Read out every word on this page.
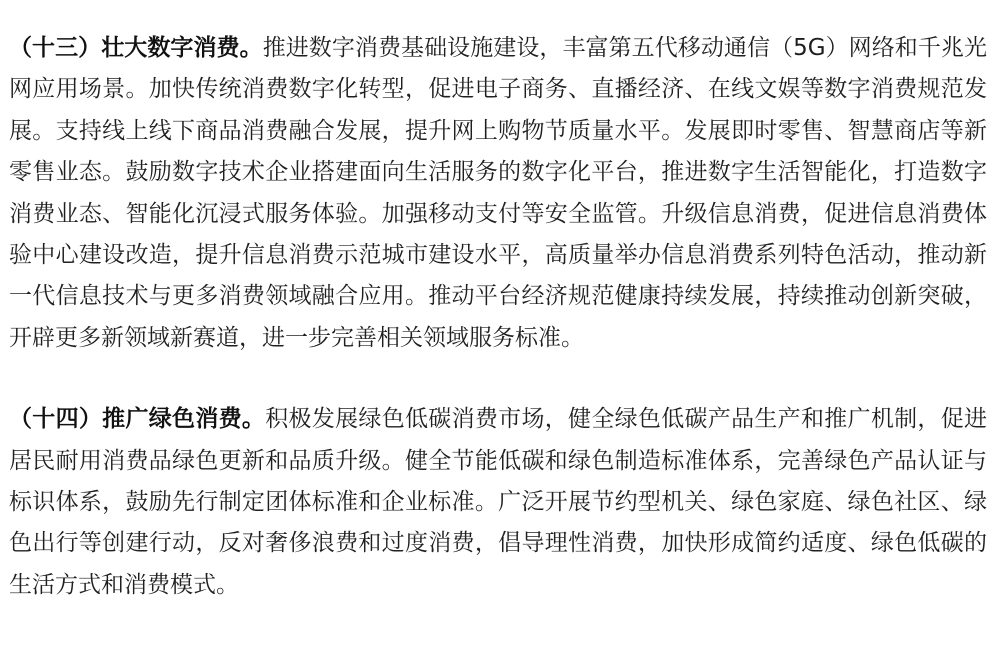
（十三）壮大数字消费。推进数字消费基础设施建设，丰富第五代移动通信（5G）网络和千兆光网应用场景。加快传统消费数字化转型，促进电子商务、直播经济、在线文娱等数字消费规范发展。支持线上线下商品消费融合发展，提升网上购物节质量水平。发展即时零售、智慧商店等新零售业态。鼓励数字技术企业搭建面向生活服务的数字化平台，推进数字生活智能化，打造数字消费业态、智能化沉浸式服务体验。加强移动支付等安全监管。升级信息消费，促进信息消费体验中心建设改造，提升信息消费示范城市建设水平，高质量举办信息消费系列特色活动，推动新一代信息技术与更多消费领域融合应用。推动平台经济规范健康持续发展，持续推动创新突破，开辟更多新领域新赛道，进一步完善相关领域服务标准。

（十四）推广绿色消费。积极发展绿色低碳消费市场，健全绿色低碳产品生产和推广机制，促进居民耐用消费品绿色更新和品质升级。健全节能低碳和绿色制造标准体系，完善绿色产品认证与标识体系，鼓励先行制定团体标准和企业标准。广泛开展节约型机关、绿色家庭、绿色社区、绿色出行等创建行动，反对奢侈浪费和过度消费，倡导理性消费，加快形成简约适度、绿色低碳的生活方式和消费模式。
